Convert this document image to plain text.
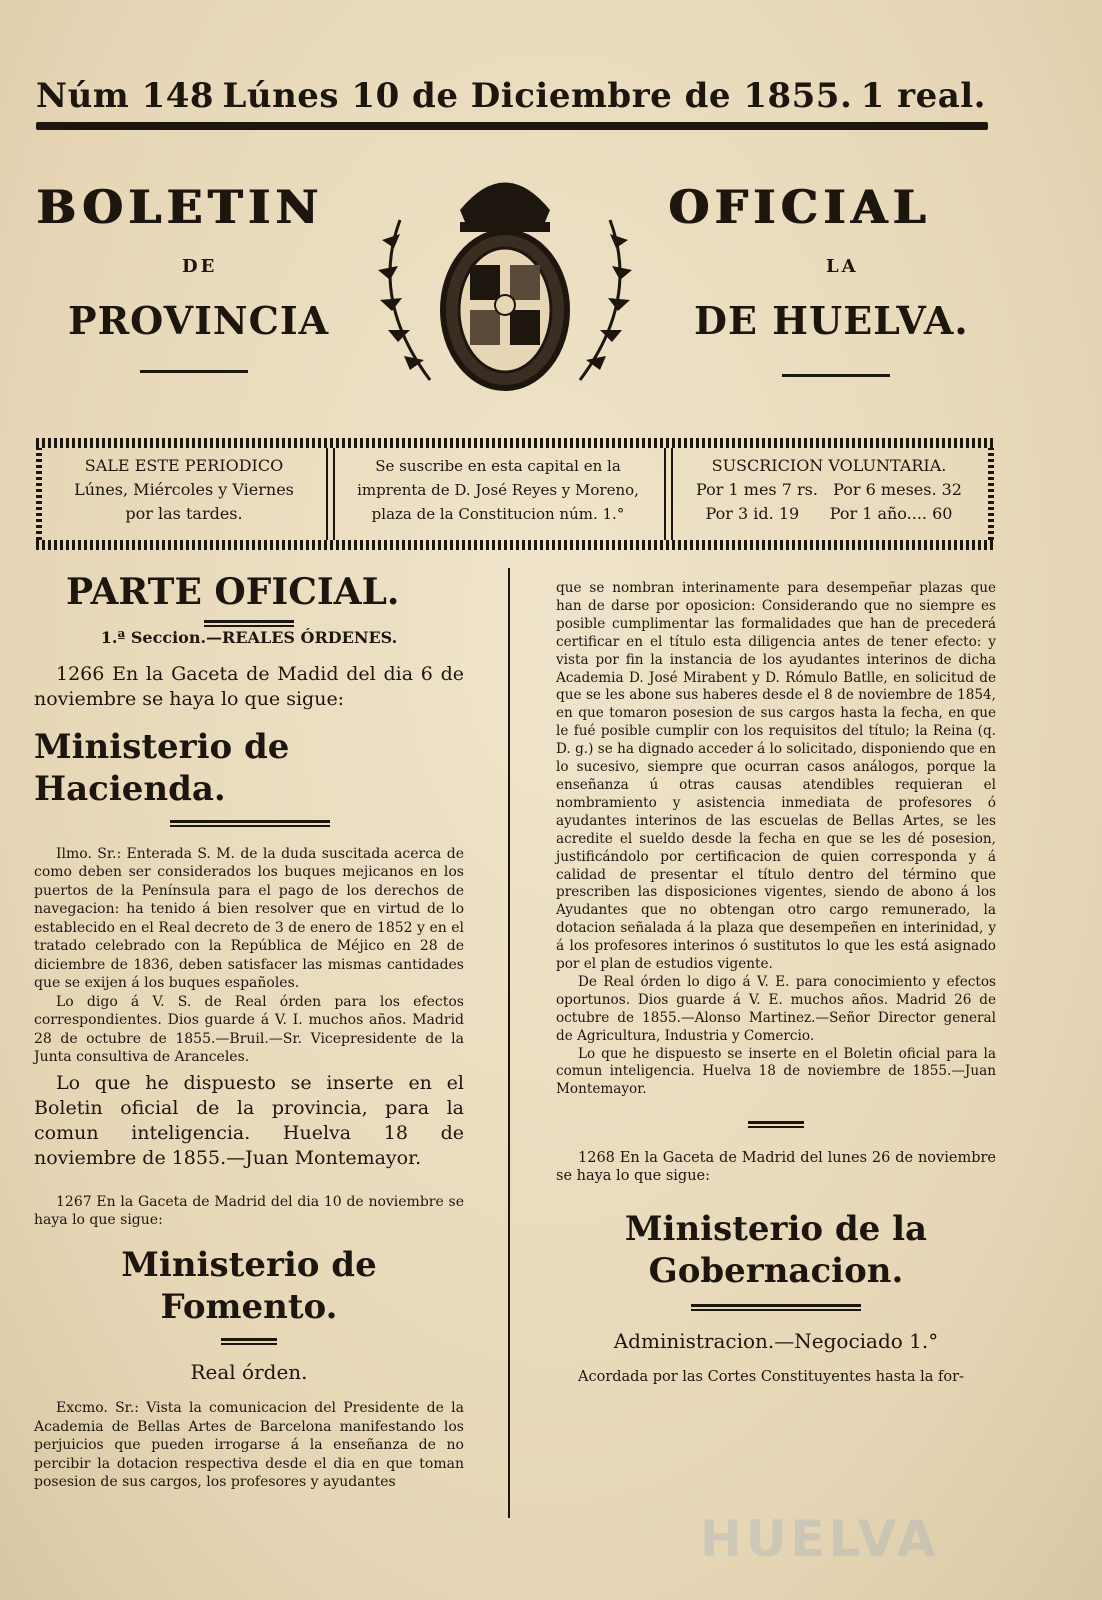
Núm 148 Lúnes 10 de Diciembre de 1855. 1 real.
BOLETIN	OFICIAL
DE	LA
PROVINCIA	DE HUELVA.
SALE ESTE PERIODICO
Lúnes, Miércoles y Viernes
por las tardes.
Se suscribe en esta capital en la
imprenta de D. José Reyes y Moreno,
plaza de la Constitucion núm. 1.°
SUSCRICION VOLUNTARIA.
Por 1 mes 7 rs.   Por 6 meses. 32
Por 3 id. 19      Por 1 año.... 60
PARTE OFICIAL.
1.ª Seccion.—REALES ÓRDENES.

1266 En la Gaceta de Madid del dia 6 de noviembre se haya lo que sigue:

Ministerio de Hacienda.

Ilmo. Sr.: Enterada S. M. de la duda suscitada acerca de como deben ser considerados los buques mejicanos en los puertos de la Península para el pago de los derechos de navegacion: ha tenido á bien resolver que en virtud de lo establecido en el Real decreto de 3 de enero de 1852 y en el tratado celebrado con la República de Méjico en 28 de diciembre de 1836, deben satisfacer las mismas cantidades que se exijen á los buques españoles.

Lo digo á V. S. de Real órden para los efectos correspondientes. Dios guarde á V. I. muchos años. Madrid 28 de octubre de 1855.—Bruil.—Sr. Vicepresidente de la Junta consultiva de Aranceles.

Lo que he dispuesto se inserte en el Boletin oficial de la provincia, para la comun inteligencia. Huelva 18 de noviembre de 1855.—Juan Montemayor.

1267 En la Gaceta de Madrid del dia 10 de noviembre se haya lo que sigue:

Ministerio de Fomento.
Real órden.

Excmo. Sr.: Vista la comunicacion del Presidente de la Academia de Bellas Artes de Barcelona manifestando los perjuicios que pueden irrogarse á la enseñanza de no percibir la dotacion respectiva desde el dia en que toman posesion de sus cargos, los profesores y ayudantes

que se nombran interinamente para desempeñar plazas que han de darse por oposicion: Considerando que no siempre es posible cumplimentar las formalidades que han de precederá certificar en el título esta diligencia antes de tener efecto: y vista por fin la instancia de los ayudantes interinos de dicha Academia D. José Mirabent y D. Rómulo Batlle, en solicitud de que se les abone sus haberes desde el 8 de noviembre de 1854, en que tomaron posesion de sus cargos hasta la fecha, en que le fué posible cumplir con los requisitos del título; la Reina (q. D. g.) se ha dignado acceder á lo solicitado, disponiendo que en lo sucesivo, siempre que ocurran casos análogos, porque la enseñanza ú otras causas atendibles requieran el nombramiento y asistencia inmediata de profesores ó ayudantes interinos de las escuelas de Bellas Artes, se les acredite el sueldo desde la fecha en que se les dé posesion, justificándolo por certificacion de quien corresponda y á calidad de presentar el título dentro del término que prescriben las disposiciones vigentes, siendo de abono á los Ayudantes que no obtengan otro cargo remunerado, la dotacion señalada á la plaza que desempeñen en interinidad, y á los profesores interinos ó sustitutos lo que les está asignado por el plan de estudios vigente.

De Real órden lo digo á V. E. para conocimiento y efectos oportunos. Dios guarde á V. E. muchos años. Madrid 26 de octubre de 1855.—Alonso Martinez.—Señor Director general de Agricultura, Industria y Comercio.

Lo que he dispuesto se inserte en el Boletin oficial para la comun inteligencia. Huelva 18 de noviembre de 1855.—Juan Montemayor.

1268 En la Gaceta de Madrid del lunes 26 de noviembre se haya lo que sigue:

Ministerio de la Gobernacion.
Administracion.—Negociado 1.°

Acordada por las Cortes Constituyentes hasta la for-

HUELVA
